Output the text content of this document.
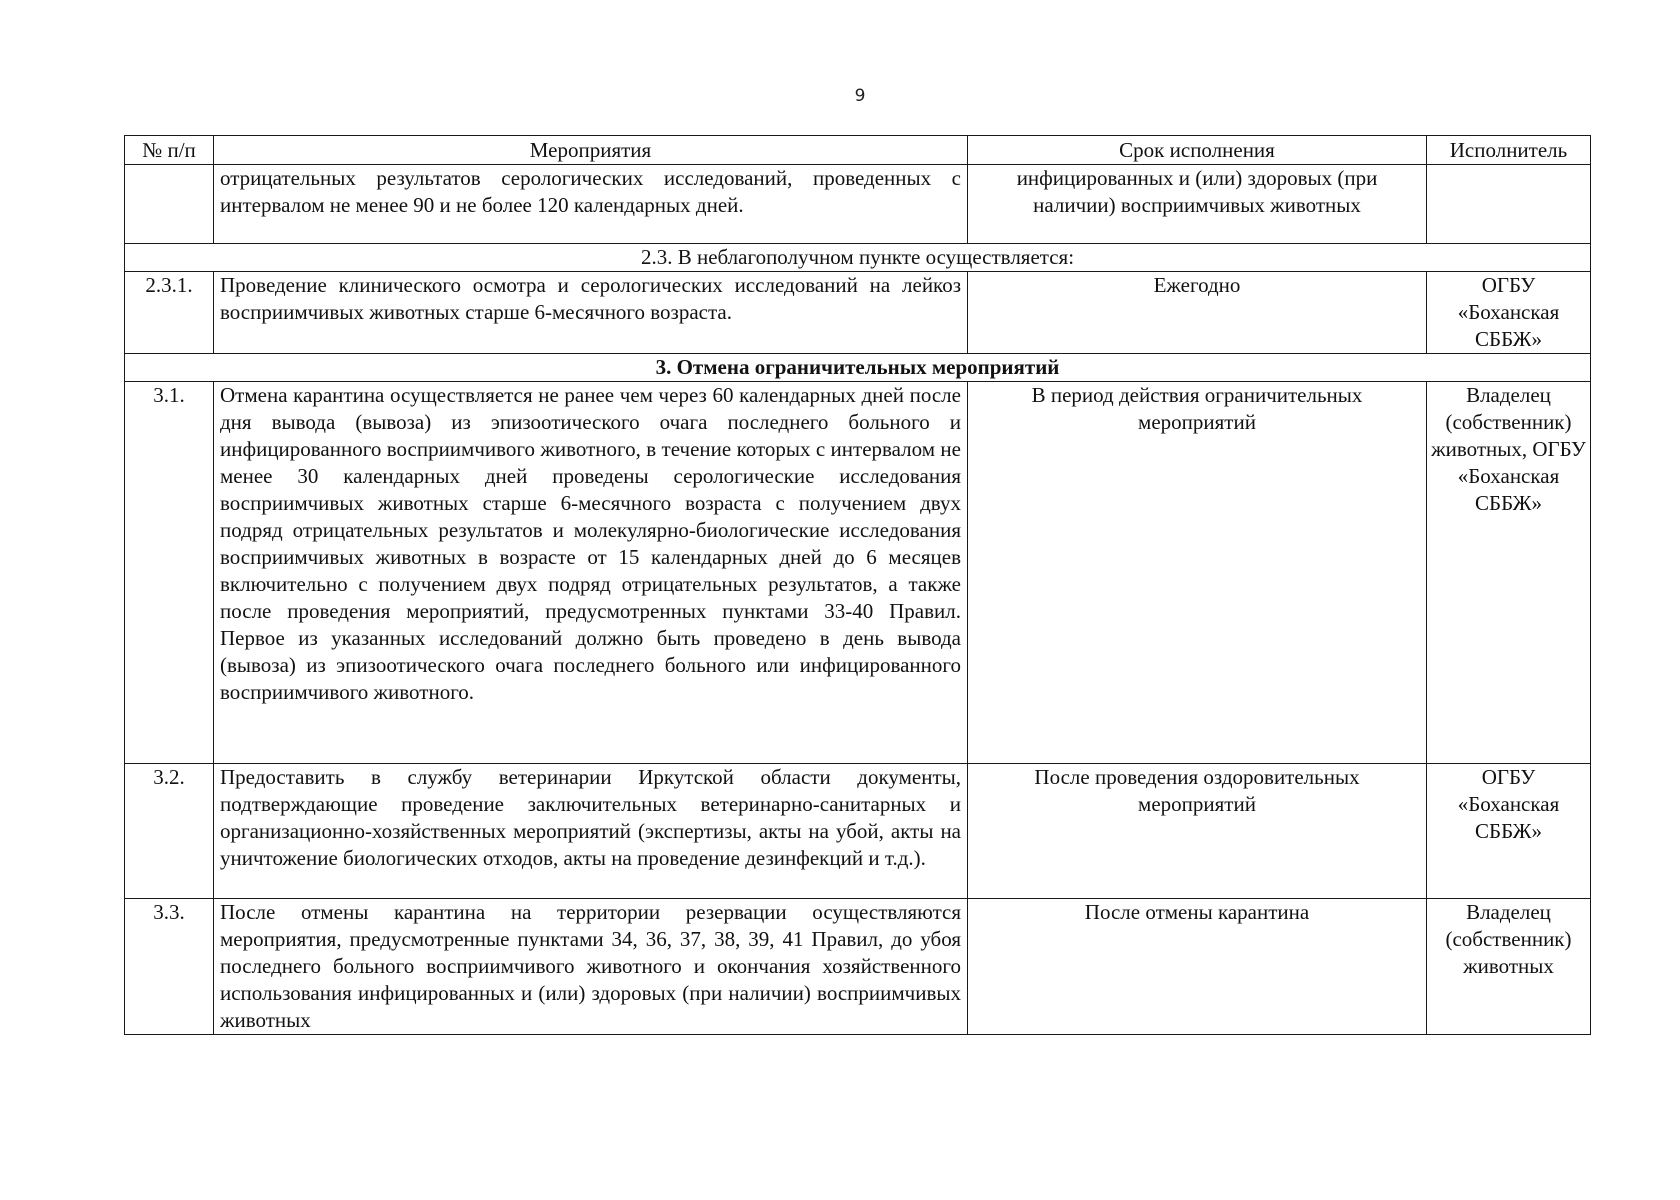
9
№ п/п	Мероприятия	Срок исполнения	Исполнитель
	отрицательных результатов серологических исследований, проведенных с интервалом не менее 90 и не более 120 календарных дней.	инфицированных и (или) здоровых (при наличии) восприимчивых животных	
2.3. В неблагополучном пункте осуществляется:			
2.3.1.	Проведение клинического осмотра и серологических исследований на лейкоз восприимчивых животных старше 6-месячного возраста.	Ежегодно	ОГБУ «Боханская СББЖ»
3. Отмена ограничительных мероприятий			
3.1.	Отмена карантина осуществляется не ранее чем через 60 календарных дней после дня вывода (вывоза) из эпизоотического очага последнего больного и инфицированного восприимчивого животного, в течение которых с интервалом не менее 30 календарных дней проведены серологические исследования восприимчивых животных старше 6-месячного возраста с получением двух подряд отрицательных результатов и молекулярно-биологические исследования восприимчивых животных в возрасте от 15 календарных дней до 6 месяцев включительно с получением двух подряд отрицательных результатов, а также после проведения мероприятий, предусмотренных пунктами 33-40 Правил. Первое из указанных исследований должно быть проведено в день вывода (вывоза) из эпизоотического очага последнего больного или инфицированного восприимчивого животного.	В период действия ограничительных мероприятий	Владелец (собственник) животных, ОГБУ «Боханская СББЖ»
3.2.	Предоставить в службу ветеринарии Иркутской области документы, подтверждающие проведение заключительных ветеринарно-санитарных и организационно-хозяйственных мероприятий (экспертизы, акты на убой, акты на уничтожение биологических отходов, акты на проведение дезинфекций и т.д.).	После проведения оздоровительных мероприятий	ОГБУ «Боханская СББЖ»
3.3.	После отмены карантина на территории резервации осуществляются мероприятия, предусмотренные пунктами 34, 36, 37, 38, 39, 41 Правил, до убоя последнего больного восприимчивого животного и окончания хозяйственного использования инфицированных и (или) здоровых (при наличии) восприимчивых животных	После отмены карантина	Владелец (собственник) животных
